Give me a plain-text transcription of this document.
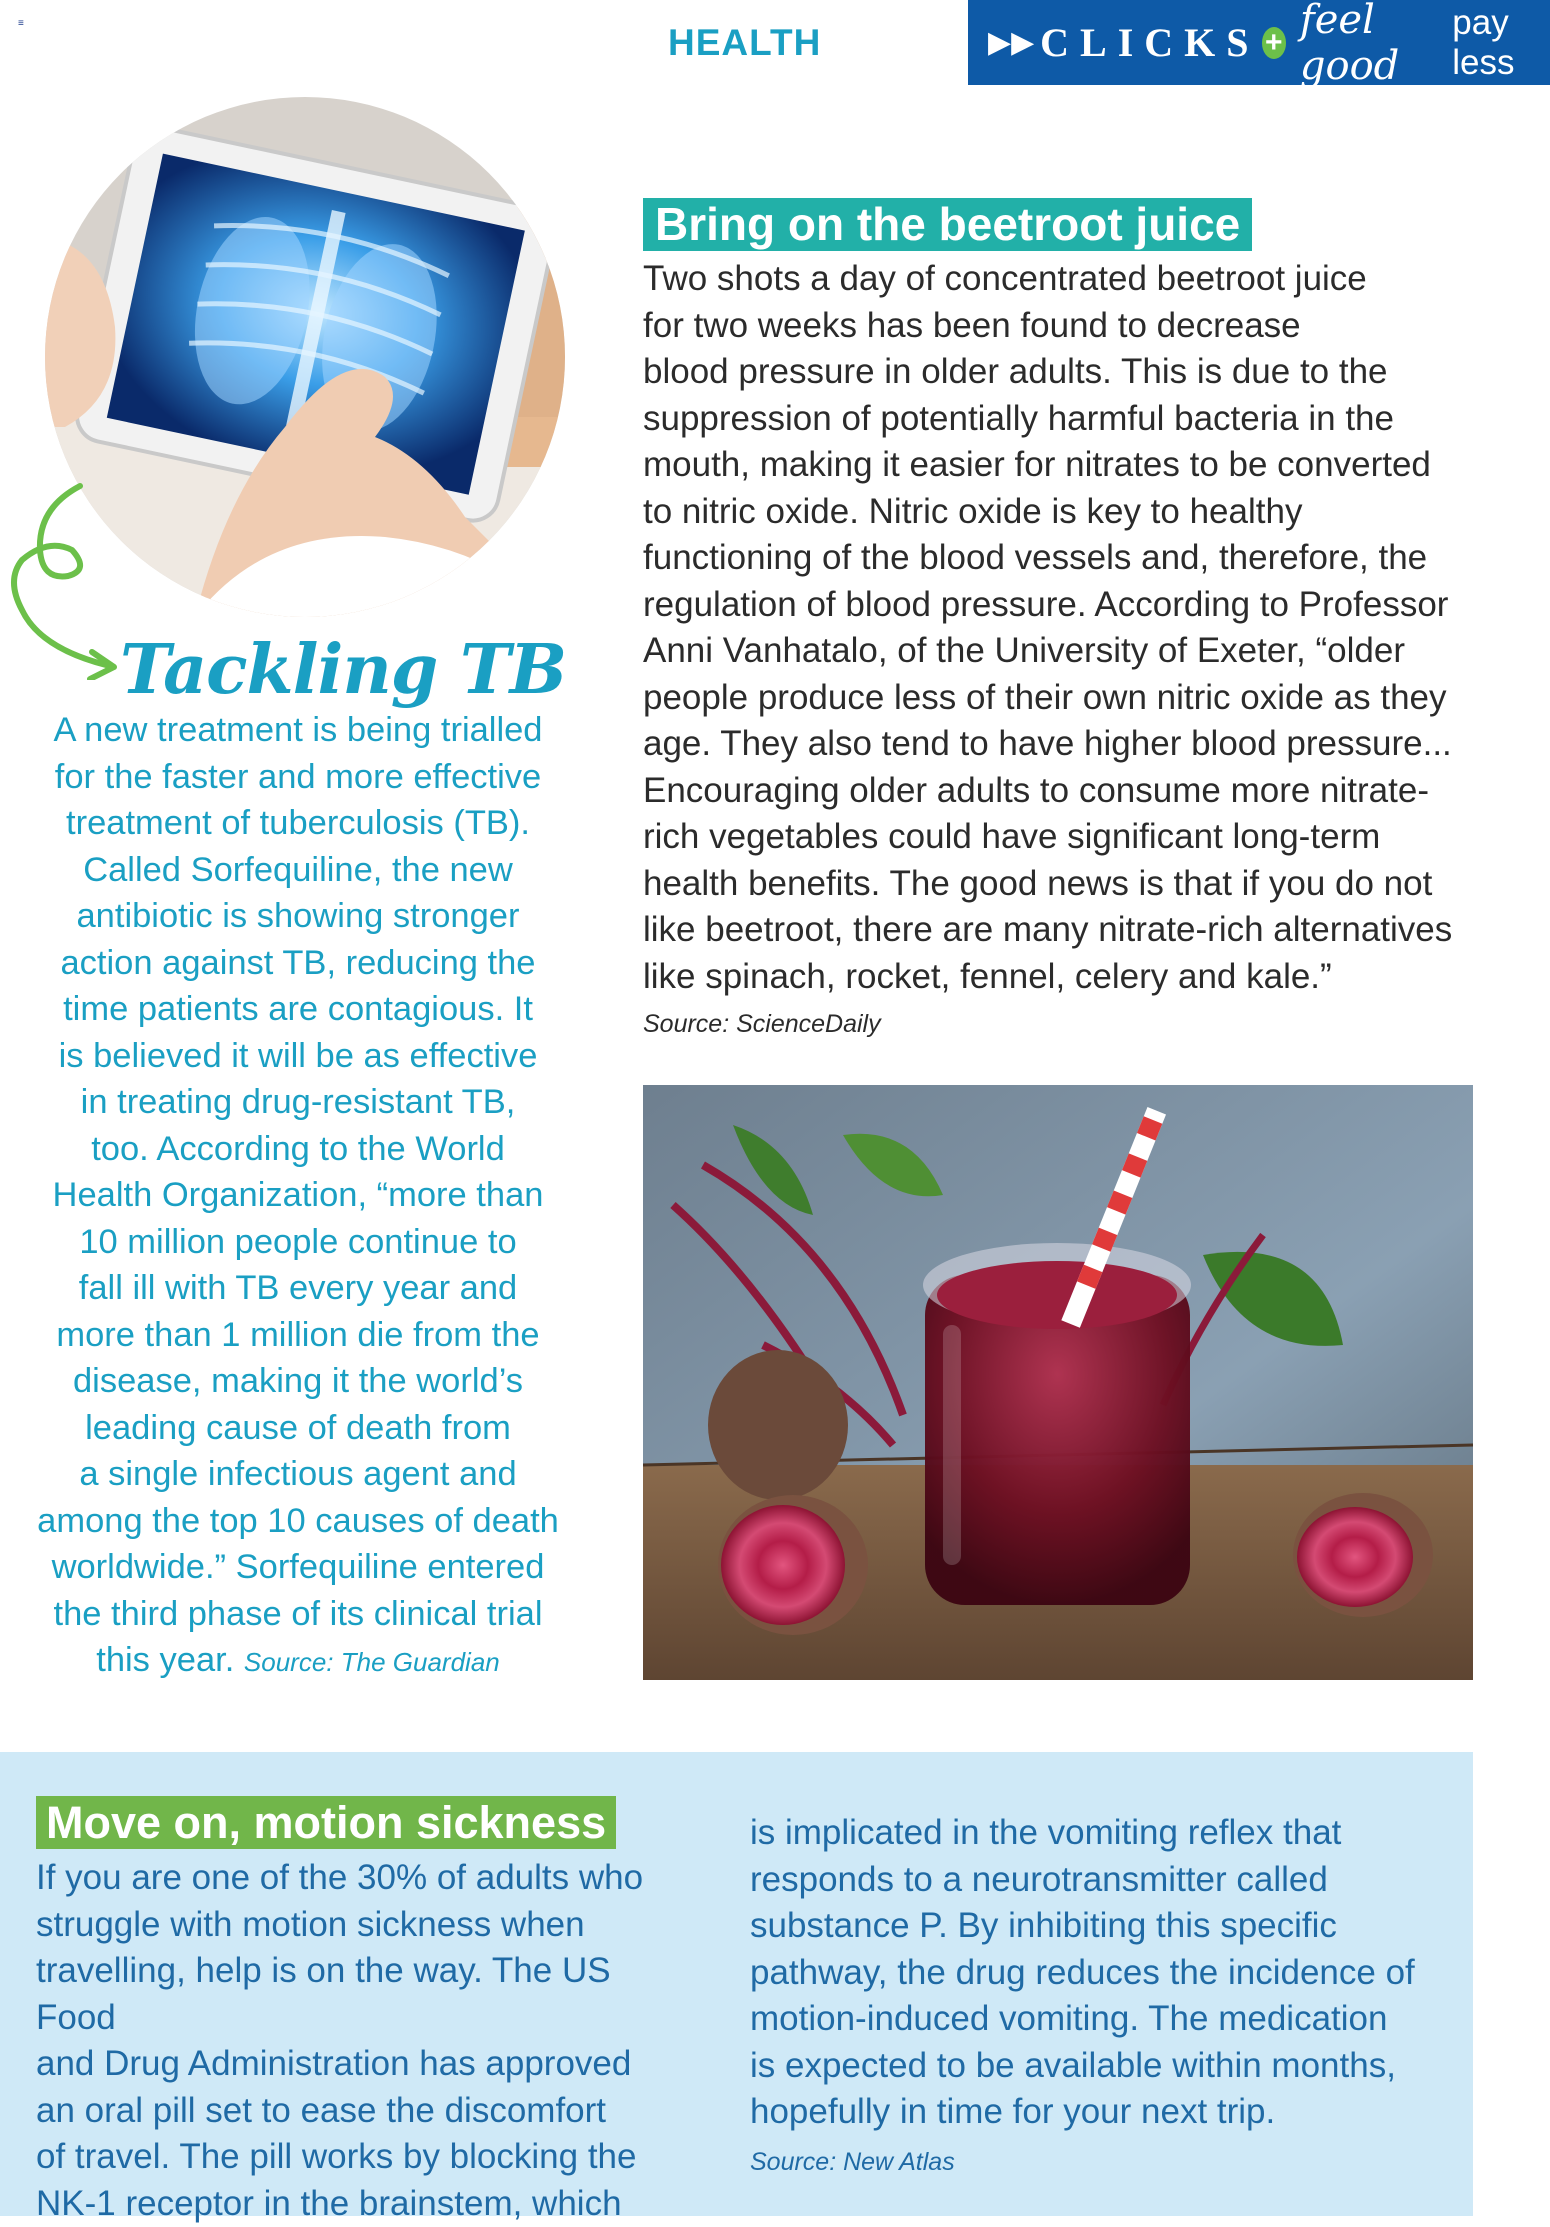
≡	HEALTH	▶▶ CLICKS + feel good
pay less
Tackling TB
A new treatment is being trialled
for the faster and more effective
treatment of tuberculosis (TB).
Called Sorfequiline, the new
antibiotic is showing stronger
action against TB, reducing the
time patients are contagious. It
is believed it will be as effective
in treating drug-resistant TB,
too. According to the World
Health Organization, “more than
10 million people continue to
fall ill with TB every year and
more than 1 million die from the
disease, making it the world’s
leading cause of death from
a single infectious agent and
among the top 10 causes of death
worldwide.” Sorfequiline entered
the third phase of its clinical trial
this year. Source: The Guardian
Bring on the beetroot juice
Two shots a day of concentrated beetroot juice
for two weeks has been found to decrease
blood pressure in older adults. This is due to the
suppression of potentially harmful bacteria in the
mouth, making it easier for nitrates to be converted
to nitric oxide. Nitric oxide is key to healthy
functioning of the blood vessels and, therefore, the
regulation of blood pressure. According to Professor
Anni Vanhatalo, of the University of Exeter, “older
people produce less of their own nitric oxide as they
age. They also tend to have higher blood pressure...
Encouraging older adults to consume more nitrate-
rich vegetables could have significant long-term
health benefits. The good news is that if you do not
like beetroot, there are many nitrate-rich alternatives
like spinach, rocket, fennel, celery and kale.”
Source: ScienceDaily
Move on, motion sickness
If you are one of the 30% of adults who
struggle with motion sickness when
travelling, help is on the way. The US Food
and Drug Administration has approved
an oral pill set to ease the discomfort
of travel. The pill works by blocking the
NK-1 receptor in the brainstem, which
is implicated in the vomiting reflex that
responds to a neurotransmitter called
substance P. By inhibiting this specific
pathway, the drug reduces the incidence of
motion-induced vomiting. The medication
is expected to be available within months,
hopefully in time for your next trip.
Source: New Atlas
